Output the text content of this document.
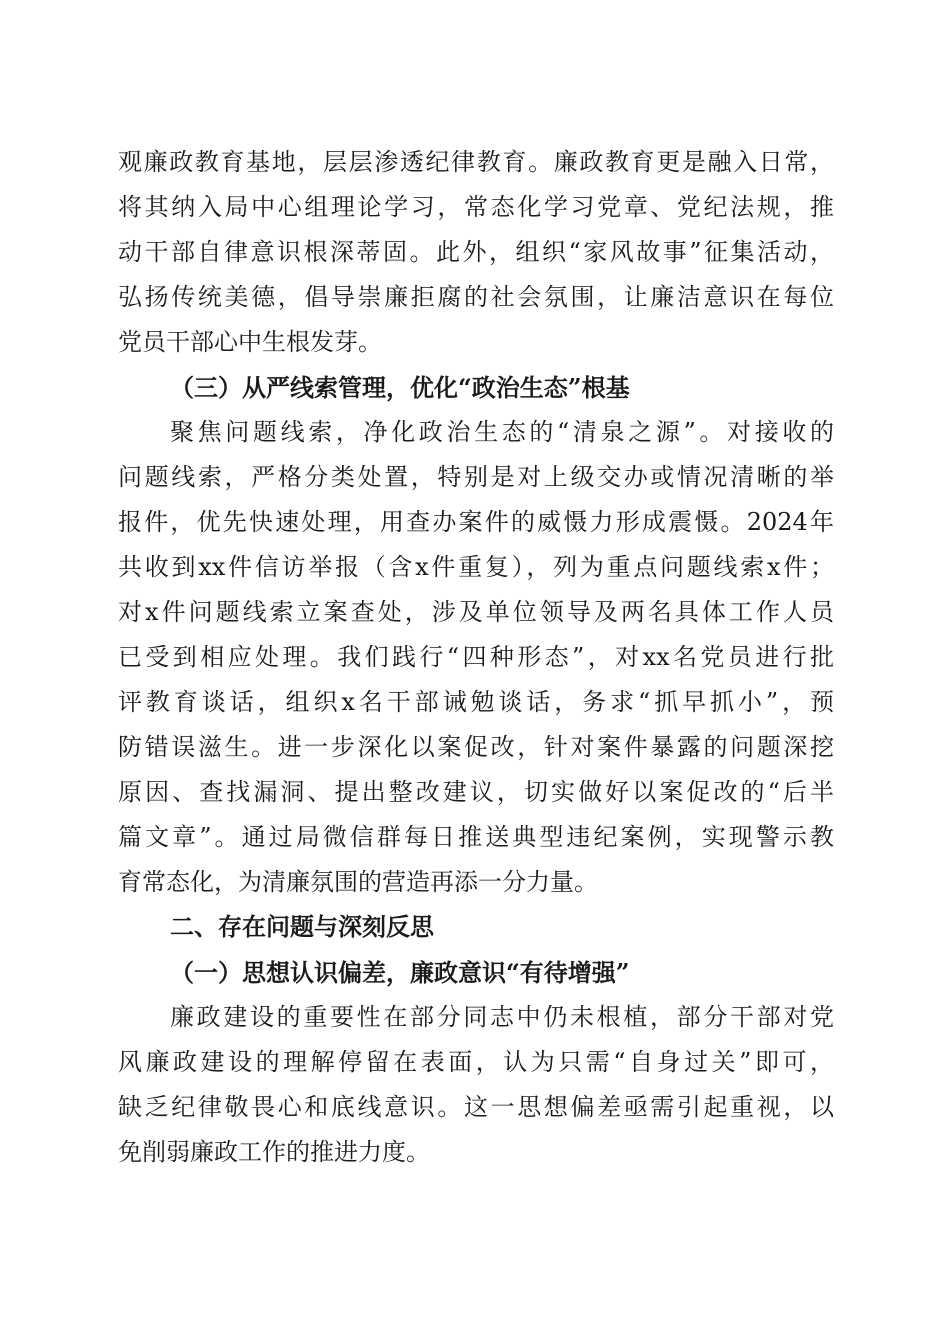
观廉政教育基地，层层渗透纪律教育。廉政教育更是融入日常，
将其纳入局中心组理论学习，常态化学习党章、党纪法规，推
动干部自律意识根深蒂固。此外，组织“家风故事”征集活动，
弘扬传统美德，倡导崇廉拒腐的社会氛围，让廉洁意识在每位
党员干部心中生根发芽。
（三）从严线索管理，优化“政治生态”根基
聚焦问题线索，净化政治生态的“清泉之源”。对接收的
问题线索，严格分类处置，特别是对上级交办或情况清晰的举
报件，优先快速处理，用查办案件的威慑力形成震慑。2024年
共收到xx件信访举报（含x件重复），列为重点问题线索x件；
对x件问题线索立案查处，涉及单位领导及两名具体工作人员
已受到相应处理。我们践行“四种形态”，对xx名党员进行批
评教育谈话，组织x名干部诫勉谈话，务求“抓早抓小”，预
防错误滋生。进一步深化以案促改，针对案件暴露的问题深挖
原因、查找漏洞、提出整改建议，切实做好以案促改的“后半
篇文章”。通过局微信群每日推送典型违纪案例，实现警示教
育常态化，为清廉氛围的营造再添一分力量。
二、存在问题与深刻反思
（一）思想认识偏差，廉政意识“有待增强”
廉政建设的重要性在部分同志中仍未根植，部分干部对党
风廉政建设的理解停留在表面，认为只需“自身过关”即可，
缺乏纪律敬畏心和底线意识。这一思想偏差亟需引起重视，以
免削弱廉政工作的推进力度。
